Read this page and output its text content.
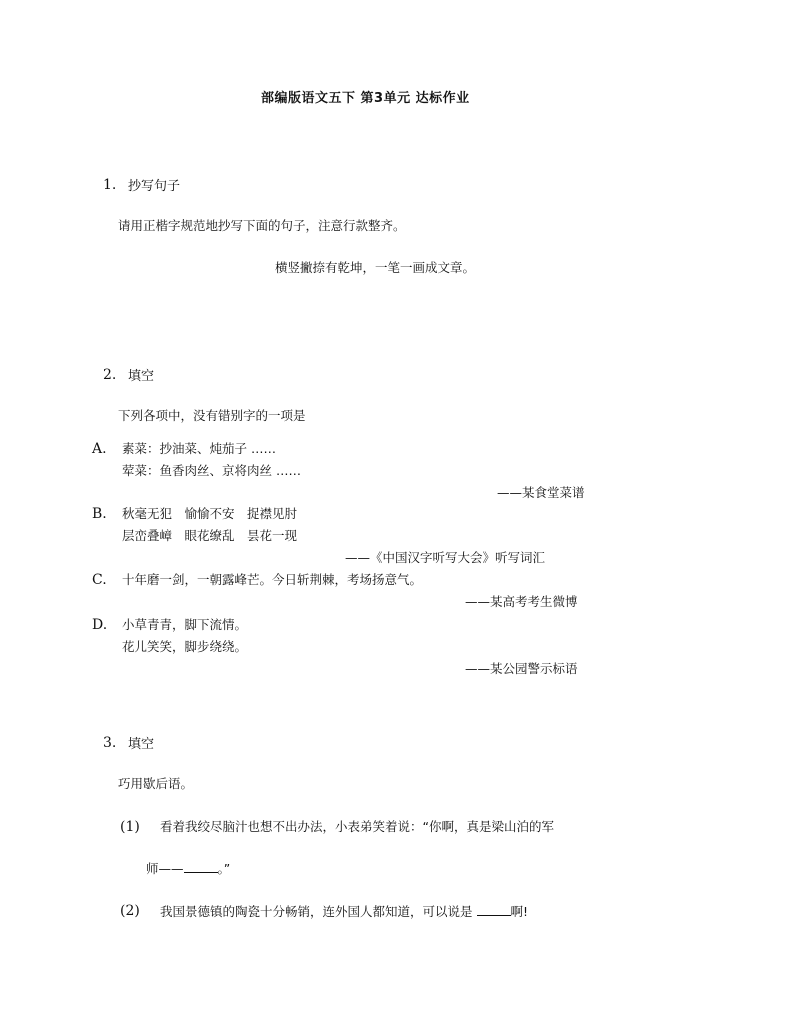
部编版语文五下 第3单元 达标作业
1. 抄写句子
请用正楷字规范地抄写下面的句子，注意行款整齐。
横竖撇捺有乾坤，一笔一画成文章。
2. 填空
下列各项中，没有错别字的一项是
A. 素菜：抄油菜、炖茄子 ……
荤菜：鱼香肉丝、京将肉丝 ……
——某食堂菜谱
B. 秋毫无犯　愉愉不安　捉襟见肘
层峦叠嶂　眼花缭乱　昙花一现
——《中国汉字听写大会》听写词汇
C. 十年磨一剑，一朝露峰芒。今日斩荆棘，考场扬意气。
——某高考考生微博
D. 小草青青，脚下流情。
花儿笑笑，脚步绕绕。
——某公园警示标语
3. 填空
巧用歇后语。
(1) 看着我绞尽脑汁也想不出办法，小表弟笑着说：“你啊，真是梁山泊的军
师——	。”
(2) 我国景德镇的陶瓷十分畅销，连外国人都知道，可以说是	啊!
